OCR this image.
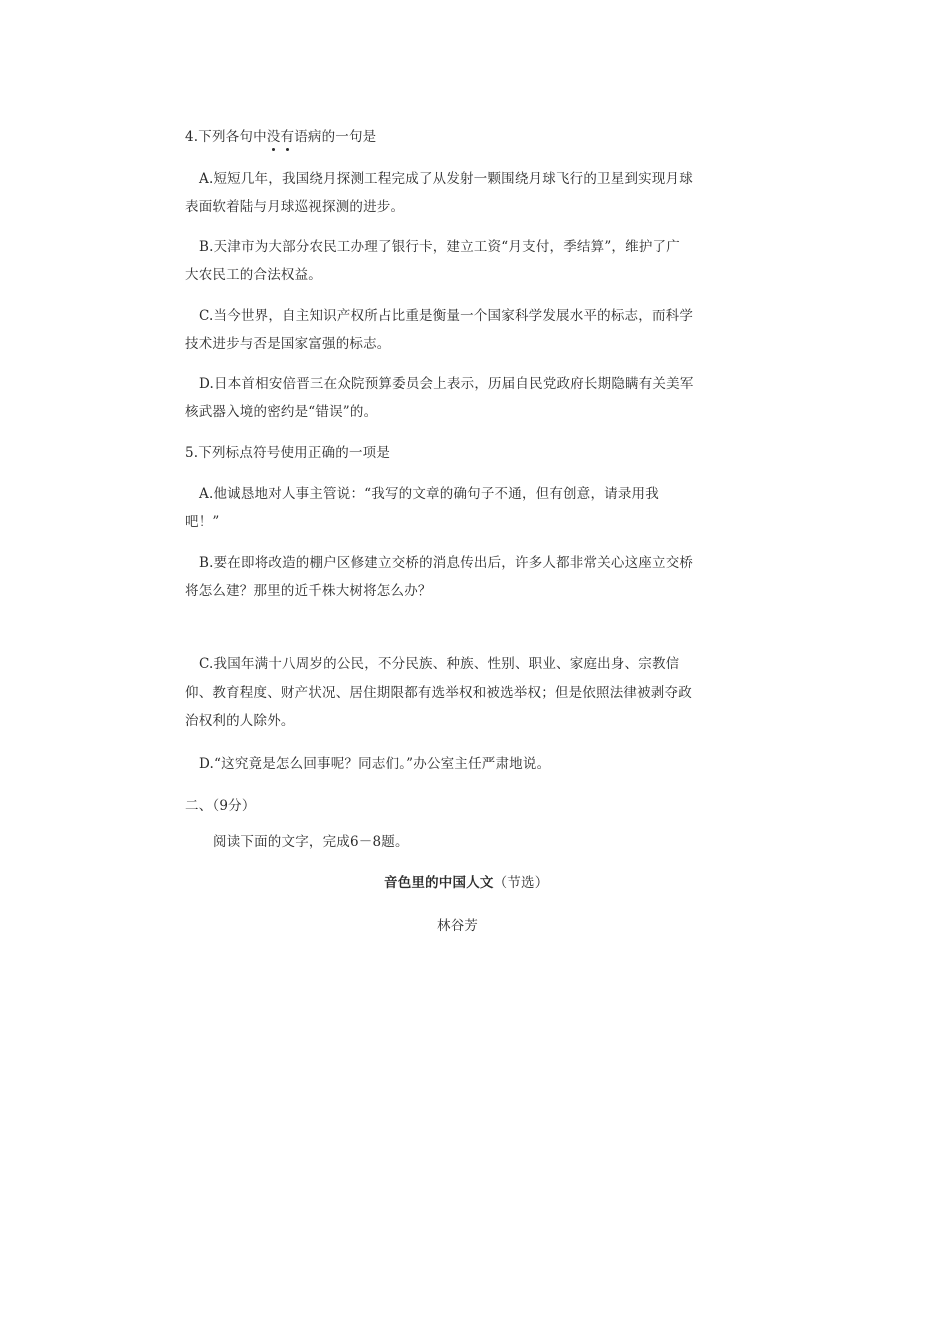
4.下列各句中没
有
语病的一句是
A.短短几年，我国绕月探测工程完成了从发射一颗围绕月球飞行的卫星到实现月球
表面软着陆与月球巡视探测的进步。
B.天津市为大部分农民工办理了银行卡，建立工资“月支付，季结算”，维护了广
大农民工的合法权益。
C.当今世界，自主知识产权所占比重是衡量一个国家科学发展水平的标志，而科学
技术进步与否是国家富强的标志。
D.日本首相安倍晋三在众院预算委员会上表示，历届自民党政府长期隐瞒有关美军
核武器入境的密约是“错误”的。
5.下列标点符号使用正确的一项是
A.他诚恳地对人事主管说：“我写的文章的确句子不通，但有创意，请录用我
吧！”
B.要在即将改造的棚户区修建立交桥的消息传出后，许多人都非常关心这座立交桥
将怎么建？那里的近千株大树将怎么办？
C.我国年满十八周岁的公民，不分民族、种族、性别、职业、家庭出身、宗教信
仰、教育程度、财产状况、居住期限都有选举权和被选举权；但是依照法律被剥夺政
治权利的人除外。
D.“这究竟是怎么回事呢？同志们。”办公室主任严肃地说。
二、（9分）
阅读下面的文字，完成6－8题。
音色里的中国人文（节选）
林谷芳
